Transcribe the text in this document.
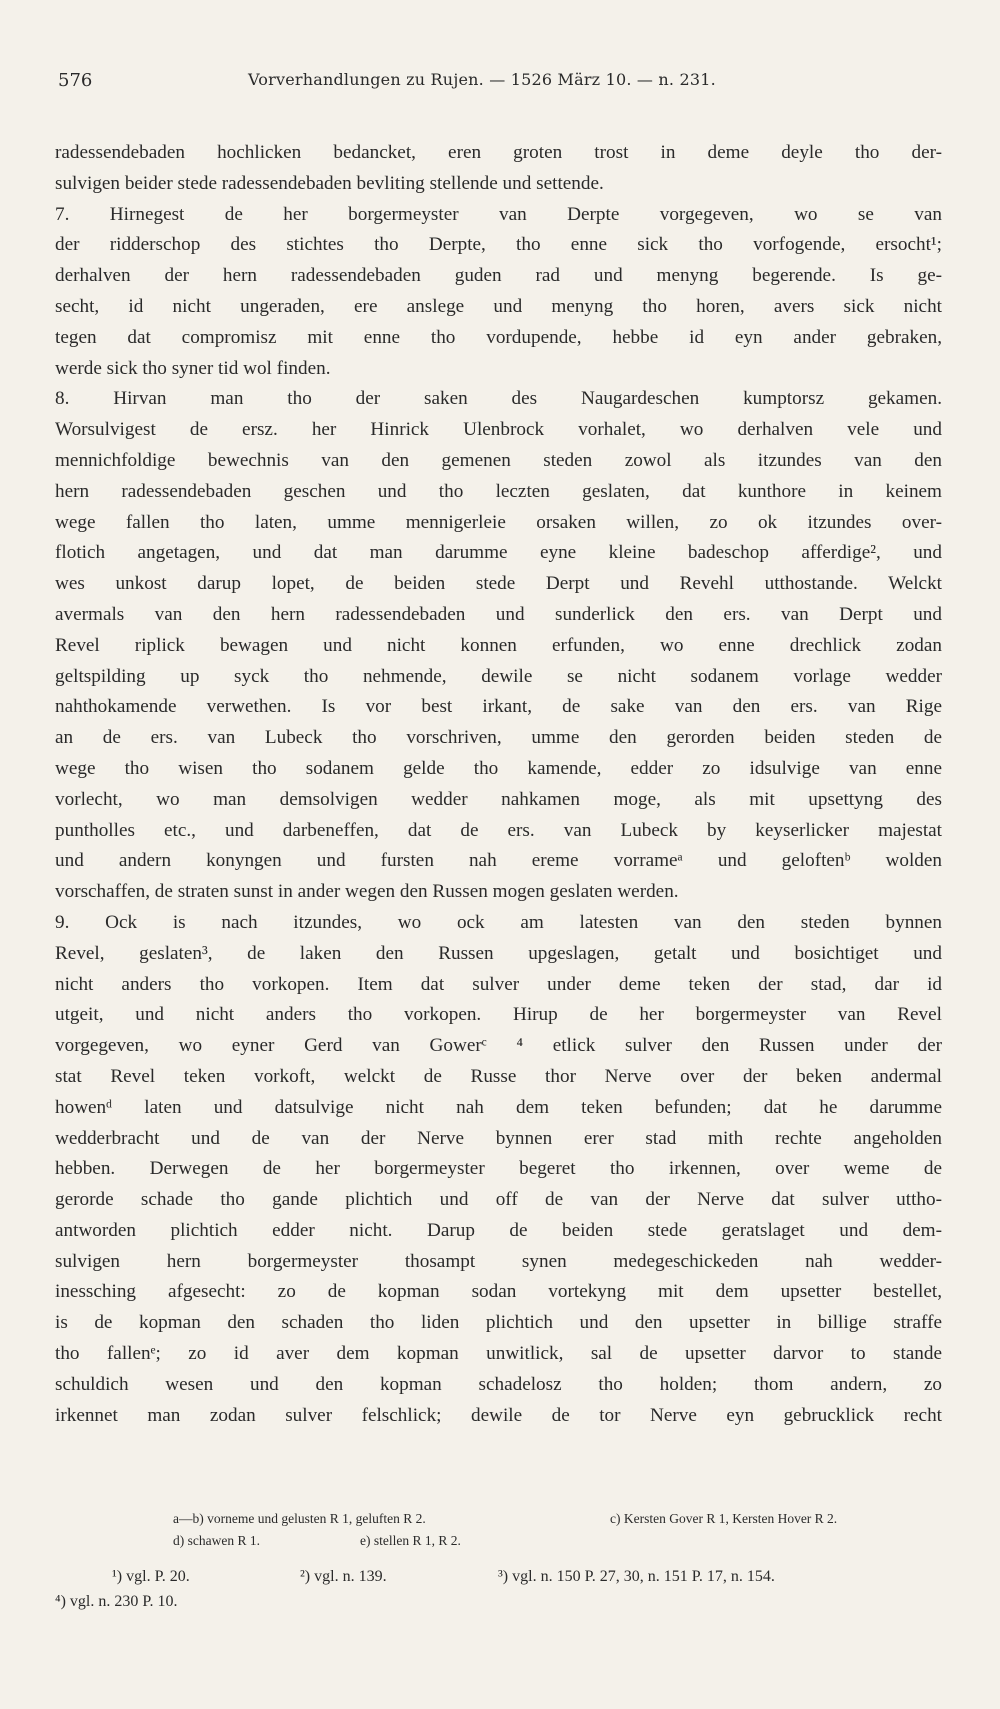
576	Vorverhandlungen zu Rujen. — 1526 März 10. — n. 231.
radessendebaden hochlicken bedancket, eren groten trost in deme deyle tho der-
sulvigen beider stede radessendebaden bevliting stellende und settende.
7. Hirnegest de her borgermeyster van Derpte vorgegeven, wo se van
der ridderschop des stichtes tho Derpte, tho enne sick tho vorfogende, ersocht¹;
derhalven der hern radessendebaden guden rad und menyng begerende. Is ge-
secht, id nicht ungeraden, ere anslege und menyng tho horen, avers sick nicht
tegen dat compromisz mit enne tho vordupende, hebbe id eyn ander gebraken,
werde sick tho syner tid wol finden.
8. Hirvan man tho der saken des Naugardeschen kumptorsz gekamen.
Worsulvigest de ersz. her Hinrick Ulenbrock vorhalet, wo derhalven vele und
mennichfoldige bewechnis van den gemenen steden zowol als itzundes van den
hern radessendebaden geschen und tho leczten geslaten, dat kunthore in keinem
wege fallen tho laten, umme mennigerleie orsaken willen, zo ok itzundes over-
flotich angetagen, und dat man darumme eyne kleine badeschop afferdige², und
wes unkost darup lopet, de beiden stede Derpt und Revehl utthostande. Welckt
avermals van den hern radessendebaden und sunderlick den ers. van Derpt und
Revel riplick bewagen und nicht konnen erfunden, wo enne drechlick zodan
geltspilding up syck tho nehmende, dewile se nicht sodanem vorlage wedder
nahthokamende verwethen. Is vor best irkant, de sake van den ers. van Rige
an de ers. van Lubeck tho vorschriven, umme den gerorden beiden steden de
wege tho wisen tho sodanem gelde tho kamende, edder zo idsulvige van enne
vorlecht, wo man demsolvigen wedder nahkamen moge, als mit upsettyng des
puntholles etc., und darbeneffen, dat de ers. van Lubeck by keyserlicker majestat
und andern konyngen und fursten nah ereme vorrameᵃ und geloftenᵇ wolden
vorschaffen, de straten sunst in ander wegen den Russen mogen geslaten werden.
9. Ock is nach itzundes, wo ock am latesten van den steden bynnen
Revel, geslaten³, de laken den Russen upgeslagen, getalt und bosichtiget und
nicht anders tho vorkopen. Item dat sulver under deme teken der stad, dar id
utgeit, und nicht anders tho vorkopen. Hirup de her borgermeyster van Revel
vorgegeven, wo eyner Gerd van Gowerᶜ ⁴ etlick sulver den Russen under der
stat Revel teken vorkoft, welckt de Russe thor Nerve over der beken andermal
howenᵈ laten und datsulvige nicht nah dem teken befunden; dat he darumme
wedderbracht und de van der Nerve bynnen erer stad mith rechte angeholden
hebben. Derwegen de her borgermeyster begeret tho irkennen, over weme de
gerorde schade tho gande plichtich und off de van der Nerve dat sulver uttho-
antworden plichtich edder nicht. Darup de beiden stede geratslaget und dem-
sulvigen hern borgermeyster thosampt synen medegeschickeden nah wedder-
inessching afgesecht: zo de kopman sodan vortekyng mit dem upsetter bestellet,
is de kopman den schaden tho liden plichtich und den upsetter in billige straffe
tho fallenᵉ; zo id aver dem kopman unwitlick, sal de upsetter darvor to stande
schuldich wesen und den kopman schadelosz tho holden; thom andern, zo
irkennet man zodan sulver felschlick; dewile de tor Nerve eyn gebrucklick recht
a—b) vorneme und gelusten R 1, geluften R 2.	c) Kersten Gover R 1, Kersten Hover R 2.
d) schawen R 1.	e) stellen R 1, R 2.
¹) vgl. P. 20.	²) vgl. n. 139.	³) vgl. n. 150 P. 27, 30, n. 151 P. 17, n. 154.
⁴) vgl. n. 230 P. 10.
